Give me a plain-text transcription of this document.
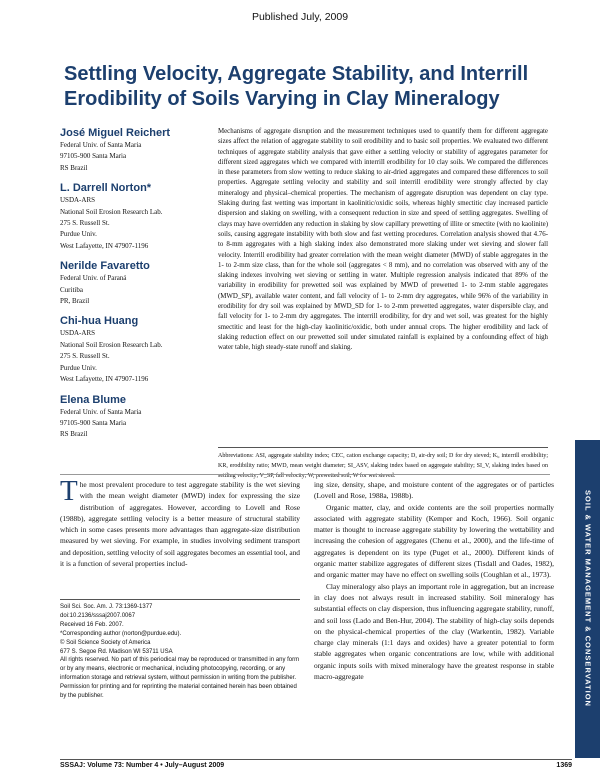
Published July, 2009
Settling Velocity, Aggregate Stability, and Interrill Erodibility of Soils Varying in Clay Mineralogy
José Miguel Reichert
Federal Univ. of Santa Maria
97105-900 Santa Maria
RS Brazil
L. Darrell Norton*
USDA-ARS
National Soil Erosion Research Lab.
275 S. Russell St.
Purdue Univ.
West Lafayette, IN 47907-1196
Nerilde Favaretto
Federal Univ. of Paraná
Curitiba
PR, Brazil
Chi-hua Huang
USDA-ARS
National Soil Erosion Research Lab.
275 S. Russell St.
Purdue Univ.
West Lafayette, IN 47907-1196
Elena Blume
Federal Univ. of Santa Maria
97105-900 Santa Maria
RS Brazil

Mechanisms of aggregate disruption and the measurement techniques used to quantify them for different aggregate sizes affect the relation of aggregate stability to soil erodibility and to basic soil properties. We evaluated two different techniques of aggregate stability analysis that gave either a settling velocity or stability of aggregates parameter for different sized aggregates which we compared with interrill erodibility for 10 clay soils. We compared the differences in these parameters from slow wetting to reduce slaking to air-dried aggregates and compared these differences to soil properties. Aggregate settling velocity and stability and soil interrill erodibility were strongly affected by clay mineralogy and physical–chemical properties. The mechanism of aggregate disruption was dependent on clay type. Slaking during fast wetting was important in kaolinitic/oxidic soils, whereas highly smectitic clay increased particle dispersion and slaking on swelling, with a consequent reduction in size and speed of settling aggregates. Swelling of clays may have overridden any reduction in slaking by slow capillary prewetting of illite or smectite (with no kaolinite) soils, causing aggregate instability with both slow and fast wetting procedures. Correlation analysis showed that 4.76- to 8-mm aggregates with a high slaking index also demonstrated more slaking under wet sieving and slower fall velocity. Interrill erodibility had greater correlation with the mean weight diameter (MWD) of stable aggregates in the 1- to 2-mm size class, than for the whole soil (aggregates < 8 mm), and no correlation was observed with any of the slaking indexes involving wet sieving or settling in water. Multiple regression analysis indicated that 89% of the variability in erodibility for prewetted soil was explained by MWD of prewetted 1- to 2-mm stable aggregates (MWD_SP), available water content, and fall velocity of 1- to 2-mm dry aggregates, while 96% of the variability in erodibility for dry soil was explained by MWD_SD for 1- to 2-mm prewetted aggregates, water dispersible clay, and fall velocity for 1- to 2-mm dry aggregates. The interrill erodibility, for dry and wet soil, was greatest for the highly smectitic and least for the high-clay kaolinitic/oxidic, both under annual crops. The higher erodibility and lack of slaking reduction effect on our prewetted soil under simulated rainfall is explained by a confounding effect of high water table, high steady-state runoff and slaking.

Abbreviations: ASI, aggregate stability index; CEC, cation exchange capacity; D, air-dry soil; D for dry sieved; Kᵢ, interrill erodibility; KR, erodibility ratio; MWD, mean weight diameter; SI_ASV, slaking index based on aggregate stability; SI_V, slaking index based on settling velocity; V_SP, fall velocity; W, prewetted soil; W for wet sieved.

SOIL & WATER MANAGEMENT & CONSERVATION

The most prevalent procedure to test aggregate stability is the wet sieving with the mean weight diameter (MWD) index for expressing the size distribution of aggregates. However, according to Lovell and Rose (1988b), aggregate settling velocity is a better measure of structural stability which in some cases presents more advantages than aggregate-size distribution measured by wet sieving. For example, in studies involving sediment transport and deposition, settling velocity of soil aggregates becomes an essential tool, and it is a function of several properties includ-

Soil Sci. Soc. Am. J. 73:1369-1377
doi:10.2136/sssaj2007.0067
Received 16 Feb. 2007.
*Corresponding author (norton@purdue.edu).
© Soil Science Society of America
677 S. Segoe Rd. Madison WI 53711 USA
All rights reserved. No part of this periodical may be reproduced or transmitted in any form or by any means, electronic or mechanical, including photocopying, recording, or any information storage and retrieval system, without permission in writing from the publisher. Permission for printing and for reprinting the material contained herein has been obtained by the publisher.

ing size, density, shape, and moisture content of the aggregates or of particles (Lovell and Rose, 1988a, 1988b).

Organic matter, clay, and oxide contents are the soil properties normally associated with aggregate stability (Kemper and Koch, 1966). Soil organic matter is thought to increase aggregate stability by lowering the wettability and increasing the cohesion of aggregates (Chenu et al., 2000), and the life-time of aggregates is dependent on its type (Puget et al., 2000). Different kinds of organic matter stabilize aggregates of different sizes (Tisdall and Oades, 1982), and organic matter may have no effect on swelling soils (Coughlan et al., 1973).

Clay mineralogy also plays an important role in aggregation, but an increase in clay does not always result in increased stability. Soil mineralogy has substantial effects on clay dispersion, thus influencing aggregate stability, runoff, and soil loss (Lado and Ben-Hur, 2004). The stability of high-clay soils depends on the physical-chemical properties of the clay (Warkentin, 1982). Variable charge clay minerals (1:1 days and oxides) have a greater potential to form stable aggregates when organic concentrations are low, while with additional organic inputs soils with mixed mineralogy have the greatest response in stable macro-aggregate

SSSAJ: Volume 73: Number 4 • July–August 2009	1369
